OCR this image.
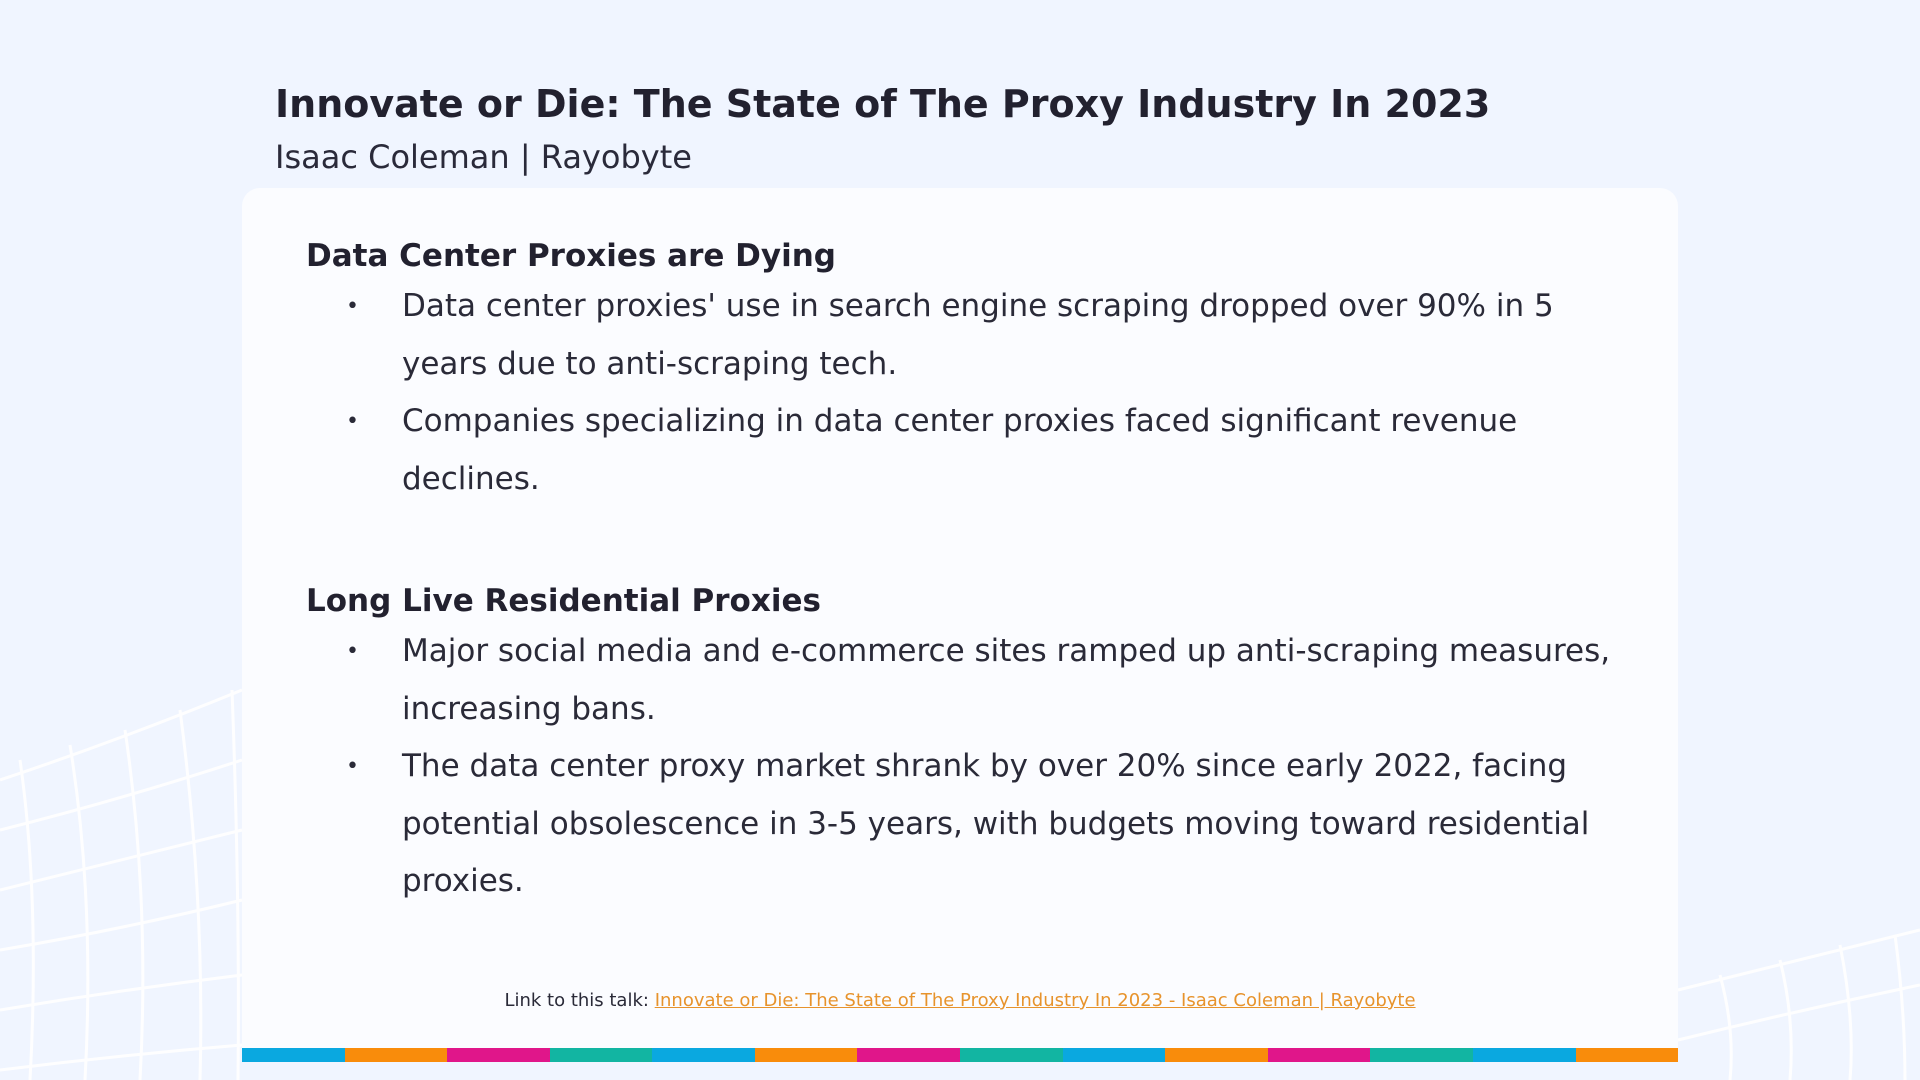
Innovate or Die: The State of The Proxy Industry In 2023

Isaac Coleman | Rayobyte

Data Center Proxies are Dying
• Data center proxies' use in search engine scraping dropped over 90% in 5 years due to anti-scraping tech.
• Companies specializing in data center proxies faced significant revenue declines.
Long Live Residential Proxies
• Major social media and e-commerce sites ramped up anti-scraping measures, increasing bans.
• The data center proxy market shrank by over 20% since early 2022, facing potential obsolescence in 3-5 years, with budgets moving toward residential proxies.
Link to this talk: Innovate or Die: The State of The Proxy Industry In 2023 - Isaac Coleman | Rayobyte
